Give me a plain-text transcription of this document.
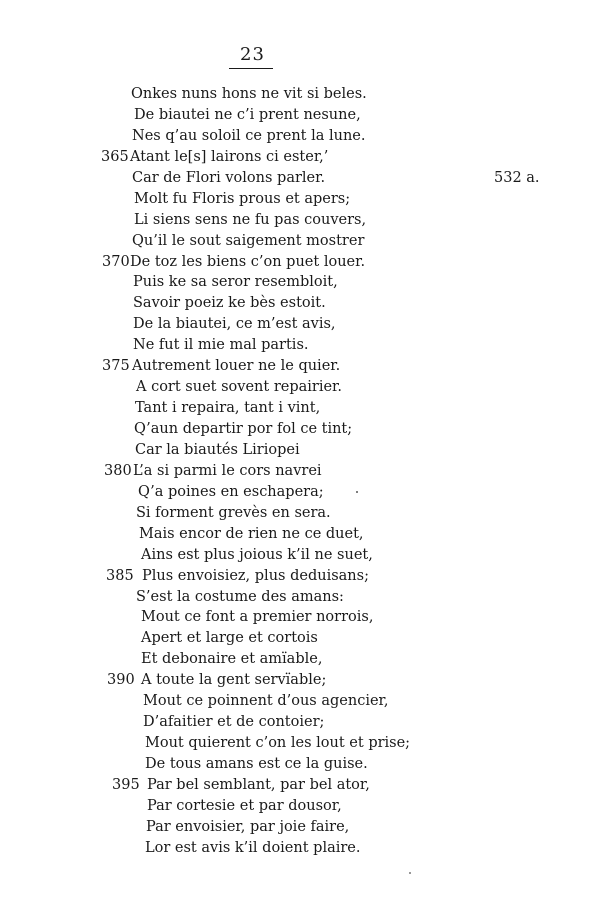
23
Onkes nuns hons ne vit si beles.
De biautei ne c’i prent nesune,
Nes q’au soloil ce prent la lune.
365 Atant le[s] lairons ci ester,’
Car de Flori volons parler.	532 a.
Molt fu Floris prous et apers;
Li siens sens ne fu pas couvers,
Qu’il le sout saigement mostrer
370 De toz les biens c’on puet louer.
Puis ke sa seror resembloit,
Savoir poeiz ke bès estoit.
De la biautei, ce m’est avis,
Ne fut il mie mal partis.
375 Autrement louer ne le quier.
A cort suet sovent repairier.
Tant i repaira, tant i vint,
Q’aun departir por fol ce tint;
Car la biautés Liriopei
380 L’a si parmi le cors navrei
Q’a poines en eschapera;
Si forment grevès en sera.
Mais encor de rien ne ce duet,
Ains est plus joious k’il ne suet,
385 Plus envoisiez, plus deduisans;
S’est la costume des amans:
Mout ce font a premier norrois,
Apert et large et cortois
Et debonaire et amïable,
390 A toute la gent servïable;
Mout ce poinnent d’ous agencier,
D’afaitier et de contoier;
Mout quierent c’on les lout et prise;
De tous amans est ce la guise.
395 Par bel semblant, par bel ator,
Par cortesie et par dousor,
Par envoisier, par joie faire,
Lor est avis k’il doient plaire.
